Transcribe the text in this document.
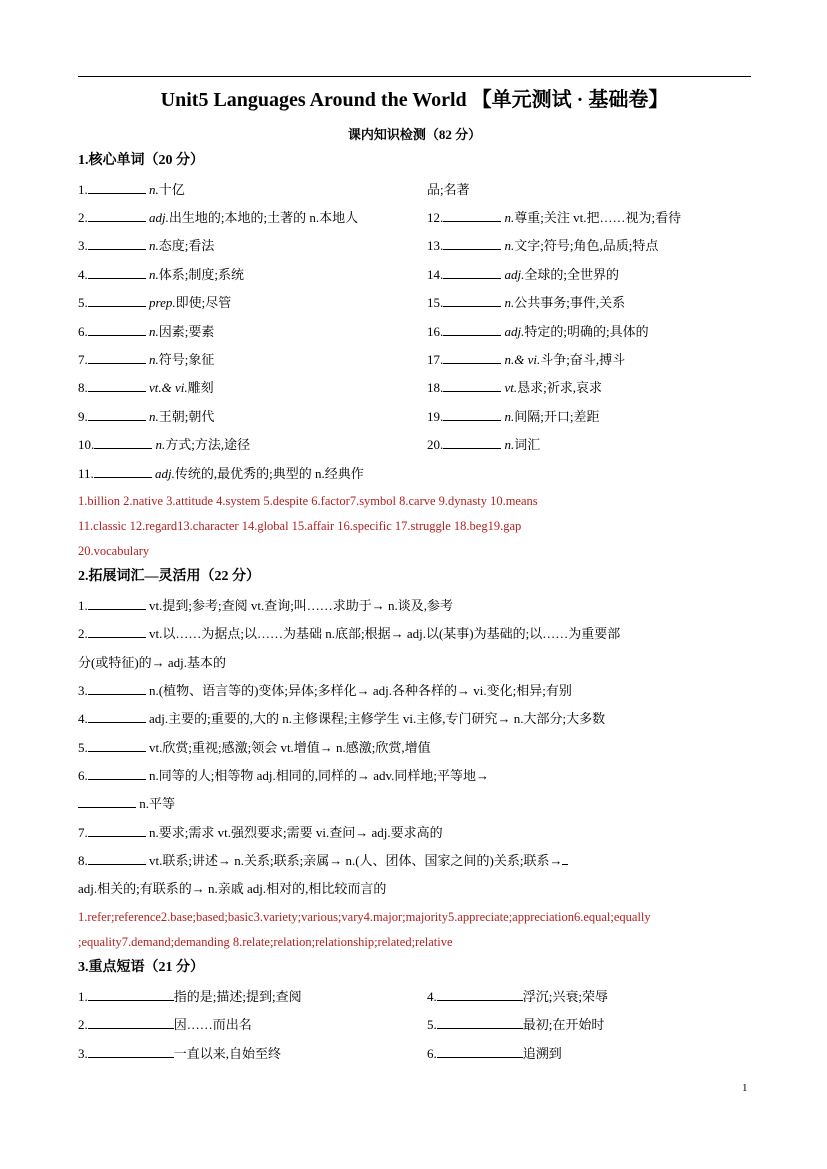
Unit5 Languages Around the World 【单元测试 · 基础卷】
课内知识检测（82 分）
1.核心单词（20 分）
1.	n.十亿
2.	adj.出生地的;本地的;土著的 n.本地人
3.	n.态度;看法
4.	n.体系;制度;系统
5.	prep.即使;尽管
6.	n.因素;要素
7.	n.符号;象征
8.	vt.& vi.雕刻
9.	n.王朝;朝代
10.	n.方式;方法,途径
11.	adj.传统的,最优秀的;典型的 n.经典作
品;名著
12.	n.尊重;关注 vt.把……视为;看待
13.	n.文字;符号;角色,品质;特点
14.	adj.全球的;全世界的
15.	n.公共事务;事件,关系
16.	adj.特定的;明确的;具体的
17.	n.& vi.斗争;奋斗,搏斗
18.	vt.恳求;祈求,哀求
19.	n.间隔;开口;差距
20.	n.词汇
1.billion 2.native 3.attitude 4.system 5.despite 6.factor7.symbol 8.carve 9.dynasty 10.means
11.classic 12.regard13.character 14.global 15.affair 16.specific 17.struggle 18.beg19.gap
20.vocabulary
2.拓展词汇—灵活用（22 分）
1.	vt.提到;参考;查阅 vt.查询;叫……求助于→ n.谈及,参考
2.	vt.以……为据点;以……为基础 n.底部;根据→ adj.以(某事)为基础的;以……为重要部
分(或特征)的→ adj.基本的
3.	n.(植物、语言等的)变体;异体;多样化→ adj.各种各样的→ vi.变化;相异;有别
4.	adj.主要的;重要的,大的 n.主修课程;主修学生 vi.主修,专门研究→ n.大部分;大多数
5.	vt.欣赏;重视;感激;领会 vt.增值→ n.感激;欣赏,增值
6.	n.同等的人;相等物 adj.相同的,同样的→ adv.同样地;平等地→
n.平等
7.	n.要求;需求 vt.强烈要求;需要 vi.查问→ adj.要求高的
8.	vt.联系;讲述→ n.关系;联系;亲属→ n.(人、团体、国家之间的)关系;联系→
adj.相关的;有联系的→ n.亲戚 adj.相对的,相比较而言的
1.refer;reference2.base;based;basic3.variety;various;vary4.major;majority5.appreciate;appreciation6.equal;equally
;equality7.demand;demanding 8.relate;relation;relationship;related;relative
3.重点短语（21 分）
1.	指的是;描述;提到;查阅
2.	因……而出名
3.	一直以来,自始至终
4.	浮沉;兴衰;荣辱
5.	最初;在开始时
6.	追溯到
1
